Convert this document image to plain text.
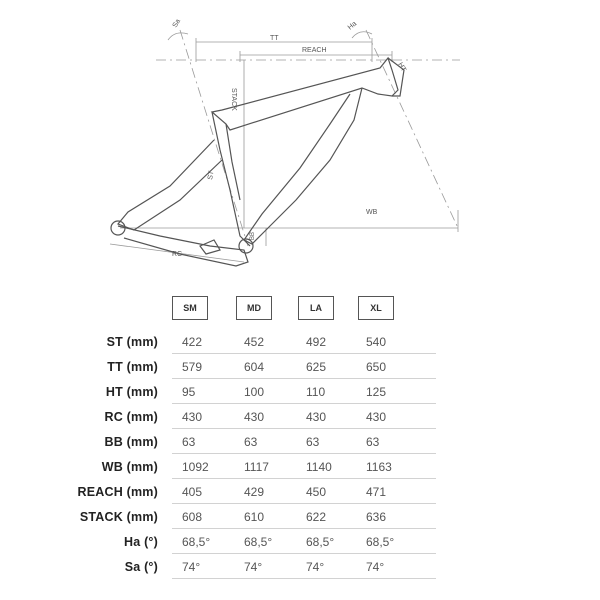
Sa	Ha
TT
REACH
STACK
HT
ST
WB
BB
RC
SM	MD	LA	XL
ST (mm) 422	452	492	540
TT (mm) 579	604	625	650
HT (mm) 95	100	110	125
RC (mm) 430	430	430	430
BB (mm) 63	63	63	63
WB (mm) 1092	1117	1140	1163
REACH (mm) 405	429	450	471
STACK (mm) 608	610	622	636
Ha (°) 68,5°	68,5°	68,5°	68,5°
Sa (°) 74°	74°	74°	74°
